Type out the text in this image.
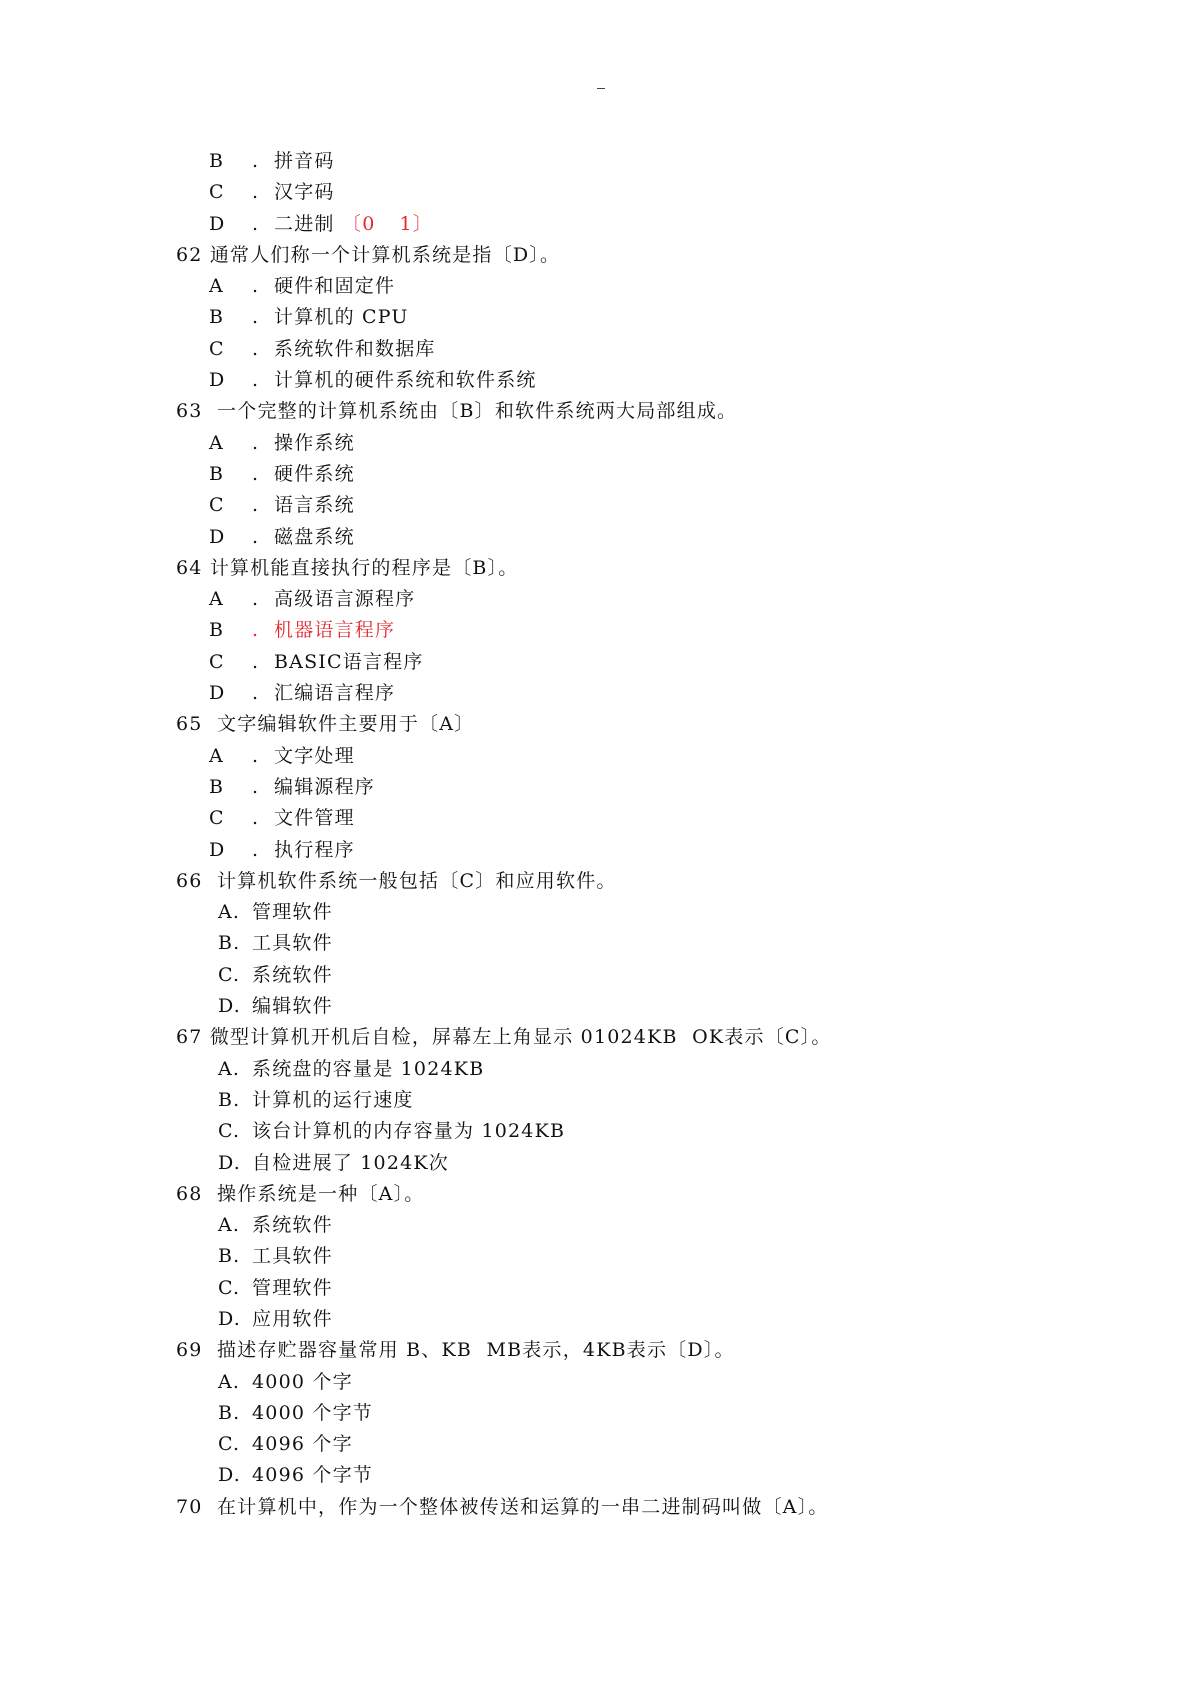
B	. 拼音码
C	. 汉字码
D	. 二进制 〔0 1〕
62 通常人们称一个计算机系统是指〔D〕。
A	. 硬件和固定件
B	. 计算机的 CPU
C	. 系统软件和数据库
D	. 计算机的硬件系统和软件系统
63  一个完整的计算机系统由〔B〕和软件系统两大局部组成。
A	. 操作系统
B	. 硬件系统
C	. 语言系统
D	. 磁盘系统
64 计算机能直接执行的程序是〔B〕。
A	. 高级语言源程序
B	. 机器语言程序
C	. BASIC语言程序
D	. 汇编语言程序
65  文字编辑软件主要用于〔A〕
A	. 文字处理
B	. 编辑源程序
C	. 文件管理
D	. 执行程序
66  计算机软件系统一般包括〔C〕和应用软件。
A. 管理软件
B. 工具软件
C. 系统软件
D. 编辑软件
67 微型计算机开机后自检，屏幕左上角显示 01024KB  OK表示〔C〕。
A. 系统盘的容量是 1024KB
B. 计算机的运行速度
C. 该台计算机的内存容量为 1024KB
D. 自检进展了 1024K次
68  操作系统是一种〔A〕。
A. 系统软件
B. 工具软件
C. 管理软件
D. 应用软件
69  描述存贮器容量常用 B、KB  MB表示，4KB表示〔D〕。
A. 4000 个字
B. 4000 个字节
C. 4096 个字
D. 4096 个字节
70  在计算机中，作为一个整体被传送和运算的一串二进制码叫做〔A〕。
